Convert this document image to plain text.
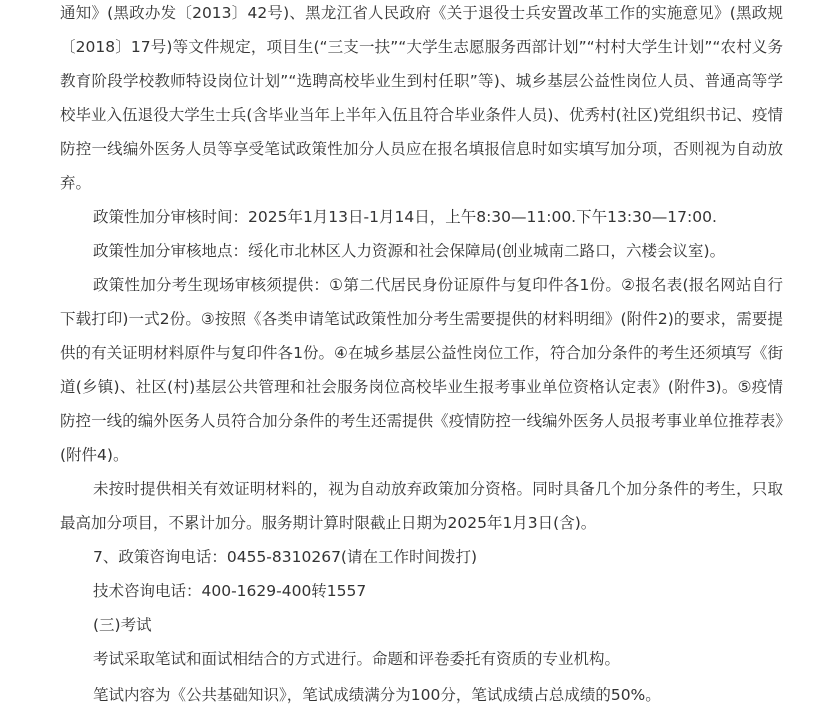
通知》(黑政办发〔2013〕42号)、黑龙江省人民政府《关于退役士兵安置改革工作的实施意见》(黑政规〔2018〕17号)等文件规定，项目生(“三支一扶”“大学生志愿服务西部计划”“村村大学生计划”“农村义务教育阶段学校教师特设岗位计划”“选聘高校毕业生到村任职”等)、城乡基层公益性岗位人员、普通高等学校毕业入伍退役大学生士兵(含毕业当年上半年入伍且符合毕业条件人员)、优秀村(社区)党组织书记、疫情防控一线编外医务人员等享受笔试政策性加分人员应在报名填报信息时如实填写加分项，否则视为自动放弃。

政策性加分审核时间：2025年1月13日-1月14日，上午8:30—11:00.下午13:30—17:00.

政策性加分审核地点：绥化市北林区人力资源和社会保障局(创业城南二路口，六楼会议室)。

政策性加分考生现场审核须提供：①第二代居民身份证原件与复印件各1份。②报名表(报名网站自行下载打印)一式2份。③按照《各类申请笔试政策性加分考生需要提供的材料明细》(附件2)的要求，需要提供的有关证明材料原件与复印件各1份。④在城乡基层公益性岗位工作，符合加分条件的考生还须填写《街道(乡镇)、社区(村)基层公共管理和社会服务岗位高校毕业生报考事业单位资格认定表》(附件3)。⑤疫情防控一线的编外医务人员符合加分条件的考生还需提供《疫情防控一线编外医务人员报考事业单位推荐表》(附件4)。

未按时提供相关有效证明材料的，视为自动放弃政策加分资格。同时具备几个加分条件的考生，只取最高加分项目，不累计加分。服务期计算时限截止日期为2025年1月3日(含)。

7、政策咨询电话：0455-8310267(请在工作时间拨打)

技术咨询电话：400-1629-400转1557

(三)考试

考试采取笔试和面试相结合的方式进行。命题和评卷委托有资质的专业机构。

笔试内容为《公共基础知识》，笔试成绩满分为100分，笔试成绩占总成绩的50%。
